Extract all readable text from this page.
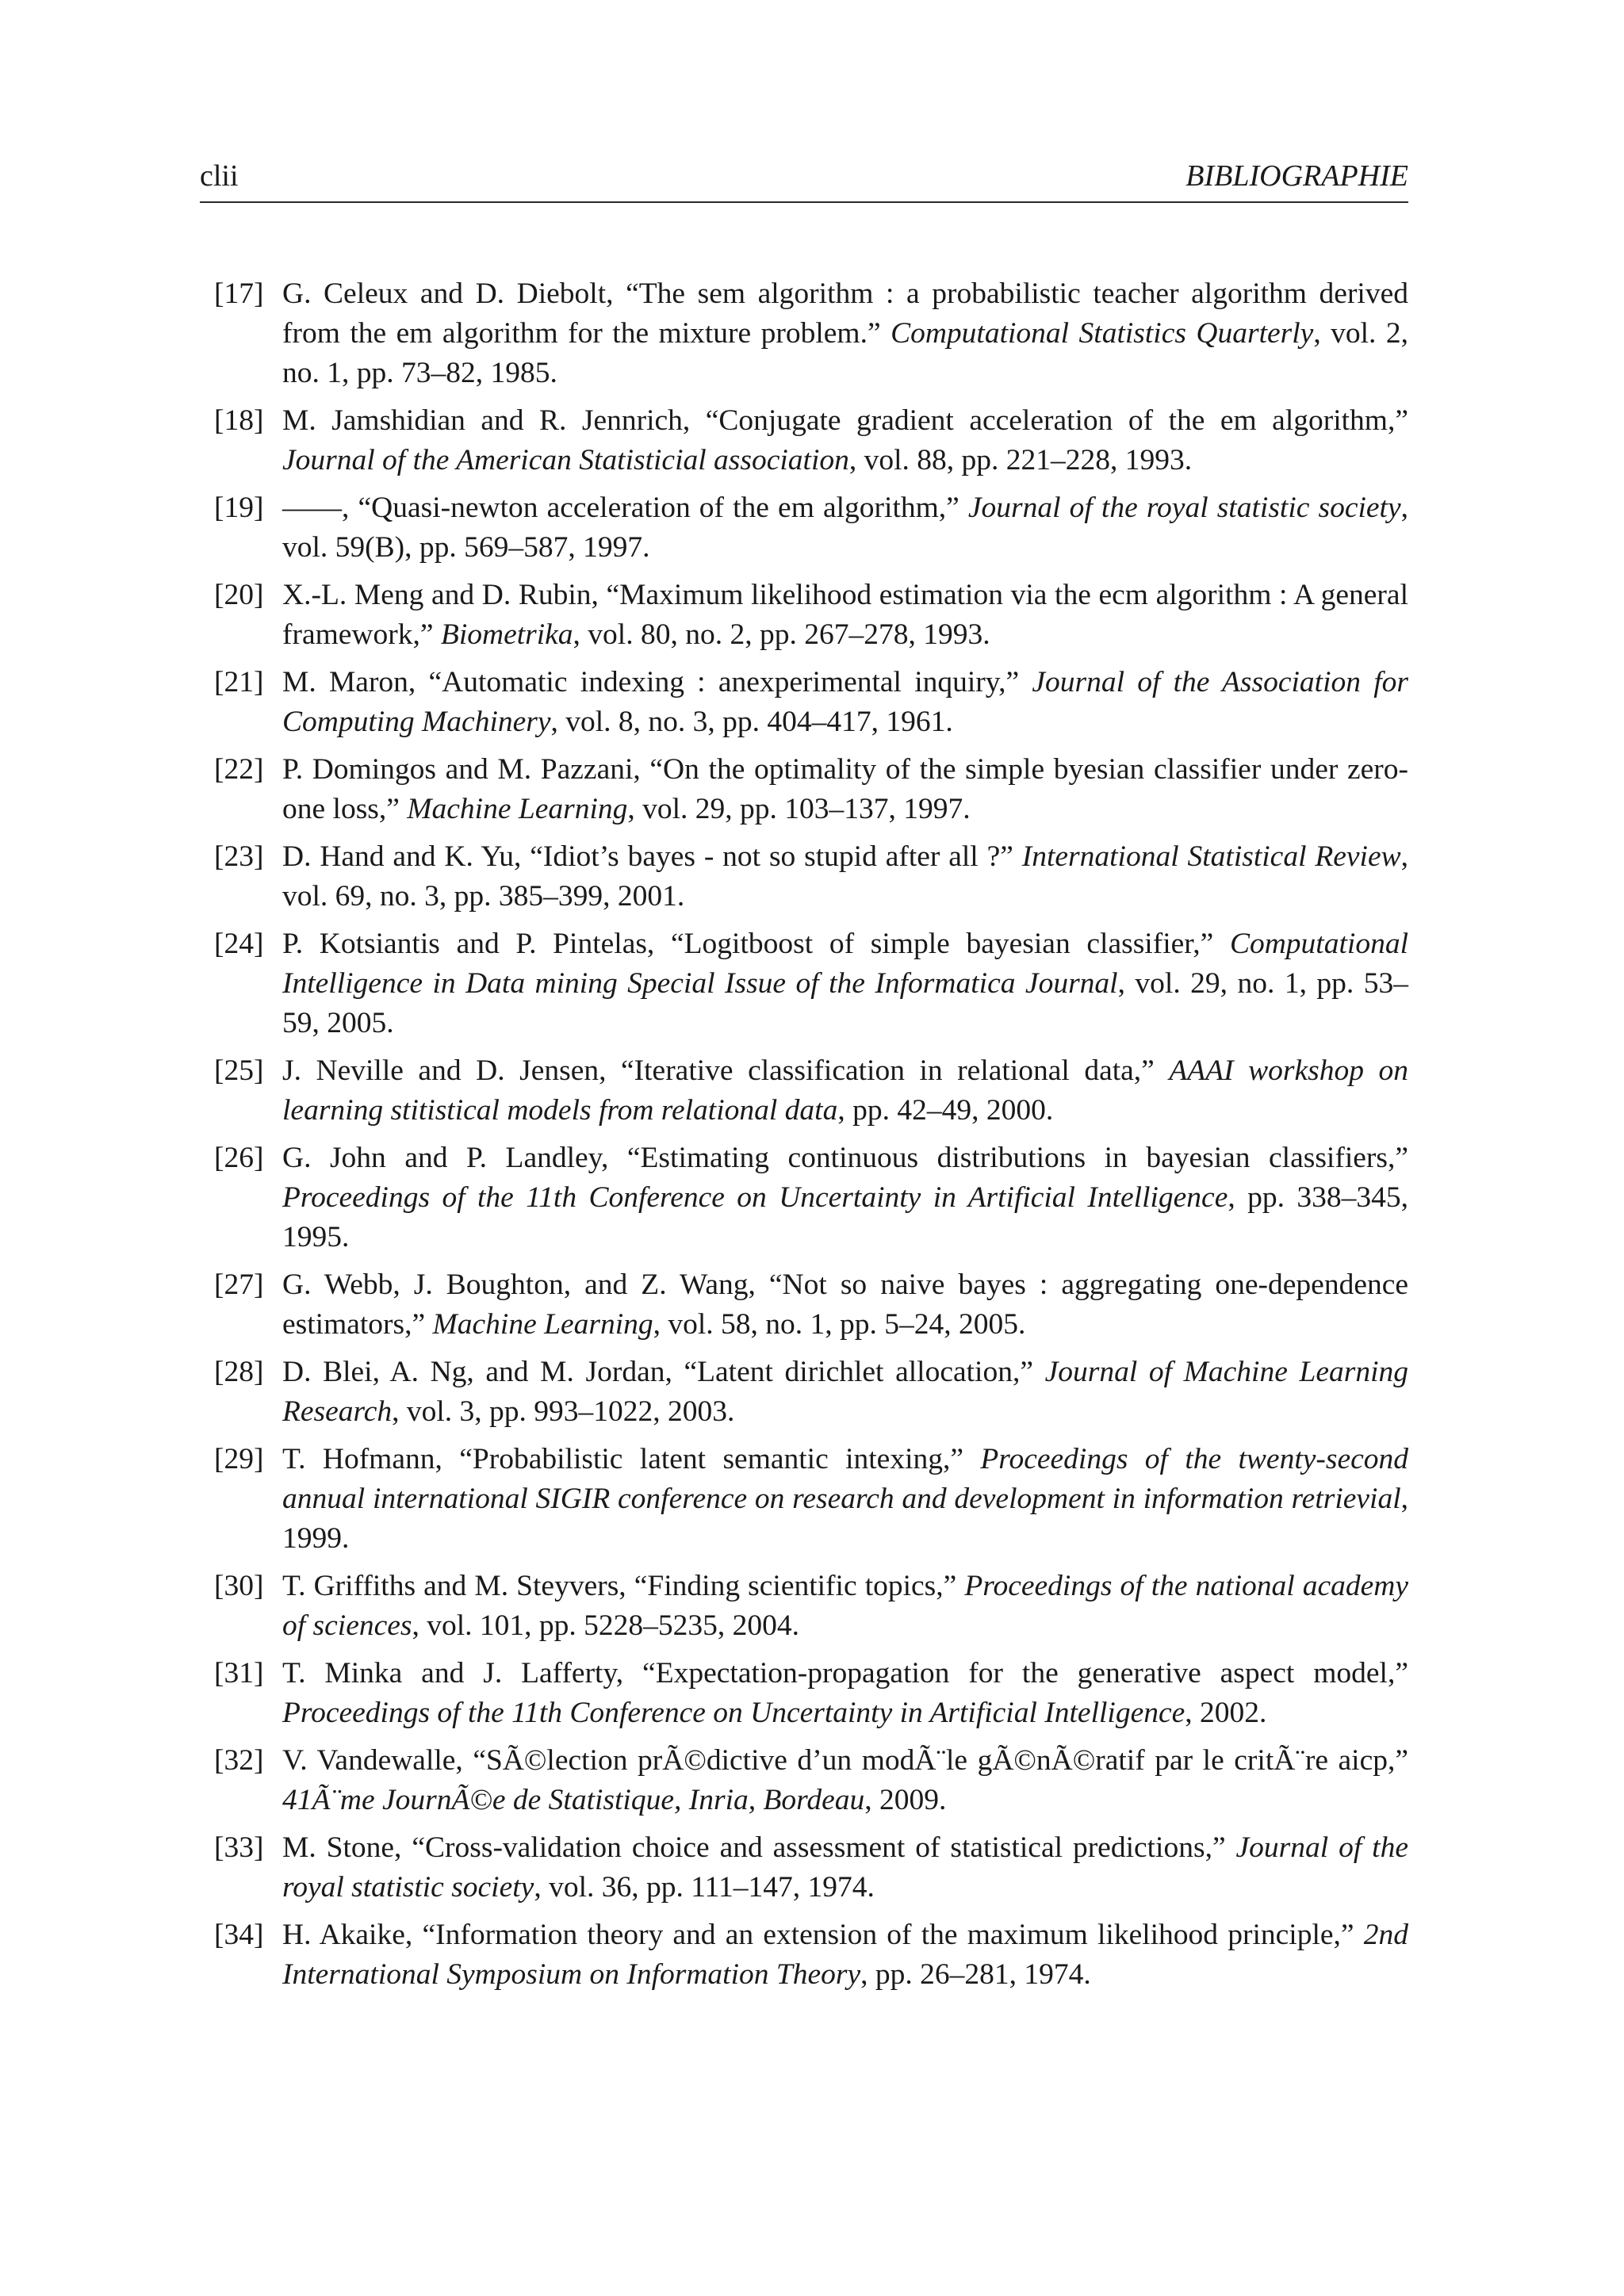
clii	BIBLIOGRAPHIE
[17] G. Celeux and D. Diebolt, “The sem algorithm : a probabilistic teacher algorithm derived from the em algorithm for the mixture problem.” Computational Statistics Quarterly, vol. 2, no. 1, pp. 73–82, 1985.
[18] M. Jamshidian and R. Jennrich, “Conjugate gradient acceleration of the em algorithm,” Journal of the American Statisticial association, vol. 88, pp. 221–228, 1993.
[19] ——, “Quasi-newton acceleration of the em algorithm,” Journal of the royal statistic society, vol. 59(B), pp. 569–587, 1997.
[20] X.-L. Meng and D. Rubin, “Maximum likelihood estimation via the ecm algorithm : A general framework,” Biometrika, vol. 80, no. 2, pp. 267–278, 1993.
[21] M. Maron, “Automatic indexing : anexperimental inquiry,” Journal of the Association for Computing Machinery, vol. 8, no. 3, pp. 404–417, 1961.
[22] P. Domingos and M. Pazzani, “On the optimality of the simple byesian classifier under zero-one loss,” Machine Learning, vol. 29, pp. 103–137, 1997.
[23] D. Hand and K. Yu, “Idiot’s bayes - not so stupid after all ?” International Statistical Review, vol. 69, no. 3, pp. 385–399, 2001.
[24] P. Kotsiantis and P. Pintelas, “Logitboost of simple bayesian classifier,” Computational Intelligence in Data mining Special Issue of the Informatica Journal, vol. 29, no. 1, pp. 53–59, 2005.
[25] J. Neville and D. Jensen, “Iterative classification in relational data,” AAAI workshop on learning stitistical models from relational data, pp. 42–49, 2000.
[26] G. John and P. Landley, “Estimating continuous distributions in bayesian classifiers,” Proceedings of the 11th Conference on Uncertainty in Artificial Intelligence, pp. 338–345, 1995.
[27] G. Webb, J. Boughton, and Z. Wang, “Not so naive bayes : aggregating one-dependence estimators,” Machine Learning, vol. 58, no. 1, pp. 5–24, 2005.
[28] D. Blei, A. Ng, and M. Jordan, “Latent dirichlet allocation,” Journal of Machine Learning Research, vol. 3, pp. 993–1022, 2003.
[29] T. Hofmann, “Probabilistic latent semantic intexing,” Proceedings of the twenty-second annual international SIGIR conference on research and development in information retrievial, 1999.
[30] T. Griffiths and M. Steyvers, “Finding scientific topics,” Proceedings of the national academy of sciences, vol. 101, pp. 5228–5235, 2004.
[31] T. Minka and J. Lafferty, “Expectation-propagation for the generative aspect model,” Proceedings of the 11th Conference on Uncertainty in Artificial Intelligence, 2002.
[32] V. Vandewalle, “SÃ©lection prÃ©dictive d’un modÃ¨le gÃ©nÃ©ratif par le critÃ¨re aicp,” 41Ã¨me JournÃ©e de Statistique, Inria, Bordeau, 2009.
[33] M. Stone, “Cross-validation choice and assessment of statistical predictions,” Journal of the royal statistic society, vol. 36, pp. 111–147, 1974.
[34] H. Akaike, “Information theory and an extension of the maximum likelihood principle,” 2nd International Symposium on Information Theory, pp. 26–281, 1974.
